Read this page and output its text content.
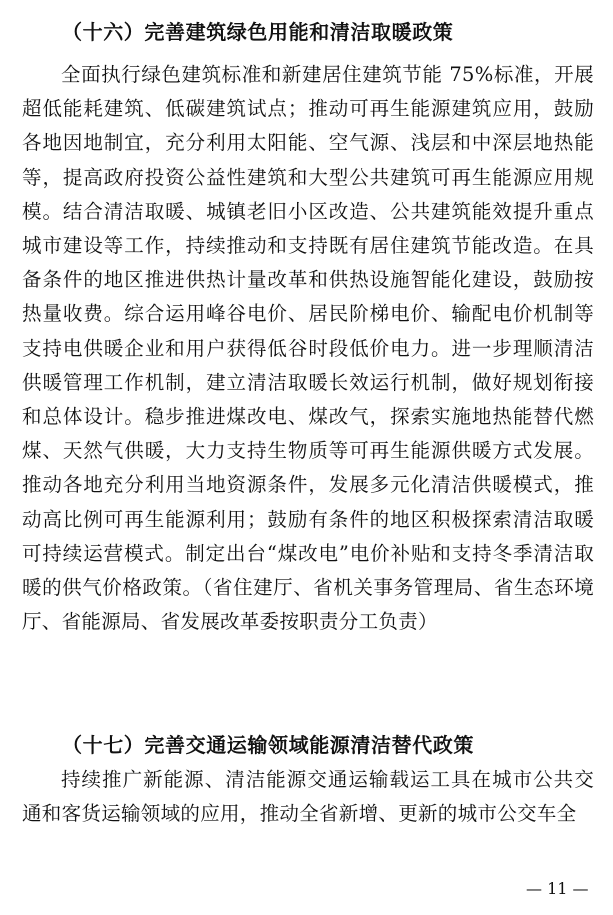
（十六）完善建筑绿色用能和清洁取暖政策

全面执行绿色建筑标准和新建居住建筑节能 75%标准，开展超低能耗建筑、低碳建筑试点；推动可再生能源建筑应用，鼓励各地因地制宜，充分利用太阳能、空气源、浅层和中深层地热能等，提高政府投资公益性建筑和大型公共建筑可再生能源应用规模。结合清洁取暖、城镇老旧小区改造、公共建筑能效提升重点城市建设等工作，持续推动和支持既有居住建筑节能改造。在具备条件的地区推进供热计量改革和供热设施智能化建设，鼓励按热量收费。综合运用峰谷电价、居民阶梯电价、输配电价机制等支持电供暖企业和用户获得低谷时段低价电力。进一步理顺清洁供暖管理工作机制，建立清洁取暖长效运行机制，做好规划衔接和总体设计。稳步推进煤改电、煤改气，探索实施地热能替代燃煤、天然气供暖，大力支持生物质等可再生能源供暖方式发展。推动各地充分利用当地资源条件，发展多元化清洁供暖模式，推动高比例可再生能源利用；鼓励有条件的地区积极探索清洁取暖可持续运营模式。制定出台“煤改电”电价补贴和支持冬季清洁取暖的供气价格政策。（省住建厅、省机关事务管理局、省生态环境厅、省能源局、省发展改革委按职责分工负责）

（十七）完善交通运输领域能源清洁替代政策

持续推广新能源、清洁能源交通运输载运工具在城市公共交通和客货运输领域的应用，推动全省新增、更新的城市公交车全

— 11 —
